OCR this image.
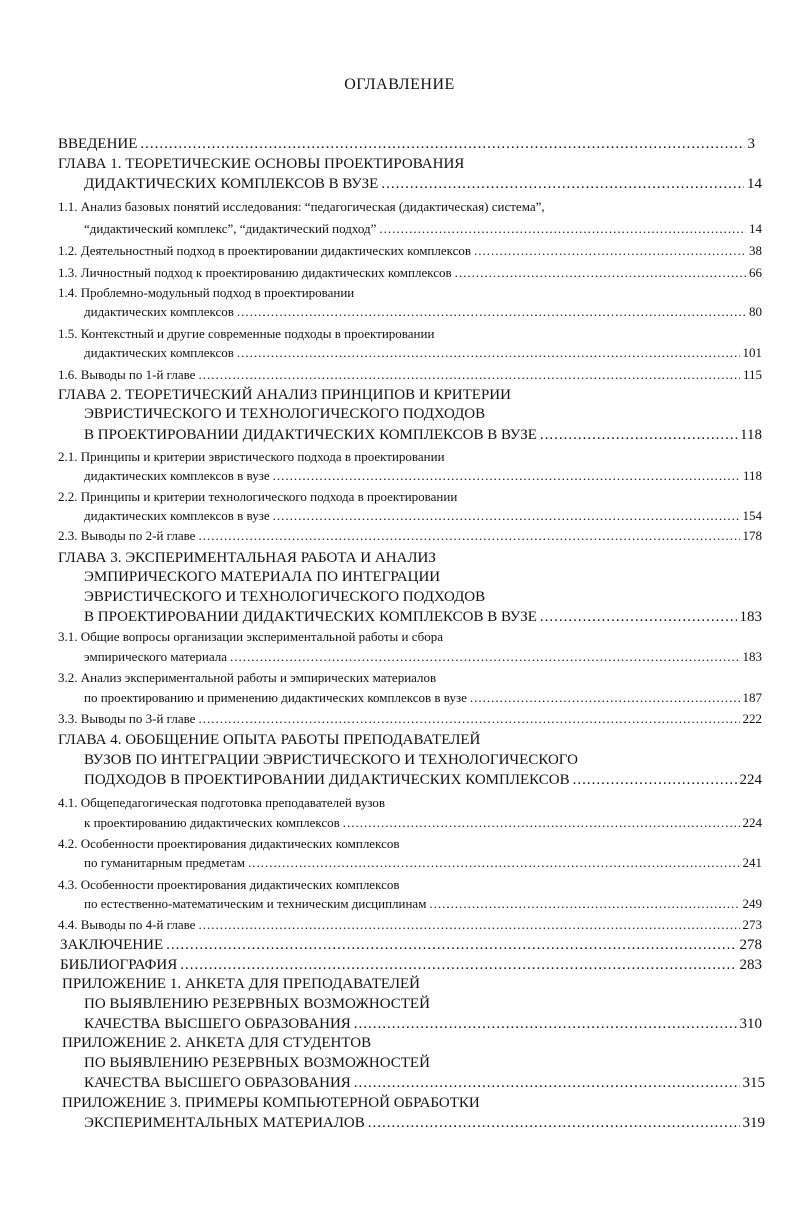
ОГЛАВЛЕНИЕ
ВВЕДЕНИЕ .....	3
ГЛАВА 1. ТЕОРЕТИЧЕСКИЕ ОСНОВЫ ПРОЕКТИРОВАНИЯ
ДИДАКТИЧЕСКИХ КОМПЛЕКСОВ В ВУЗЕ .....	14
1.1. Анализ базовых понятий исследования: “педагогическая (дидактическая) система”,
“дидактический комплекс”, “дидактический подход” .....	14
1.2. Деятельностный подход в проектировании дидактических комплексов .....	38
1.3. Личностный подход к проектированию дидактических комплексов .....	66
1.4. Проблемно-модульный подход в проектировании
дидактических комплексов .....	80
1.5. Контекстный и другие современные подходы в проектировании
дидактических комплексов .....	101
1.6. Выводы по 1-й главе .....	115
ГЛАВА 2. ТЕОРЕТИЧЕСКИЙ АНАЛИЗ ПРИНЦИПОВ И КРИТЕРИИ
ЭВРИСТИЧЕСКОГО И ТЕХНОЛОГИЧЕСКОГО ПОДХОДОВ
В ПРОЕКТИРОВАНИИ ДИДАКТИЧЕСКИХ КОМПЛЕКСОВ В ВУЗЕ .....	118
2.1. Принципы и критерии эвристического подхода в проектировании
дидактических комплексов в вузе .....	118
2.2. Принципы и критерии технологического подхода в проектировании
дидактических комплексов в вузе .....	154
2.3. Выводы по 2-й главе .....	178
ГЛАВА 3. ЭКСПЕРИМЕНТАЛЬНАЯ РАБОТА И АНАЛИЗ
ЭМПИРИЧЕСКОГО МАТЕРИАЛА ПО ИНТЕГРАЦИИ
ЭВРИСТИЧЕСКОГО И ТЕХНОЛОГИЧЕСКОГО ПОДХОДОВ
В ПРОЕКТИРОВАНИИ ДИДАКТИЧЕСКИХ КОМПЛЕКСОВ В ВУЗЕ .....	183
3.1. Общие вопросы организации экспериментальной работы и сбора
эмпирического материала .....	183
3.2. Анализ экспериментальной работы и эмпирических материалов
по проектированию и применению дидактических комплексов в вузе .....	187
3.3. Выводы по 3-й главе .....	222
ГЛАВА 4. ОБОБЩЕНИЕ ОПЫТА РАБОТЫ ПРЕПОДАВАТЕЛЕЙ
ВУЗОВ ПО ИНТЕГРАЦИИ ЭВРИСТИЧЕСКОГО И ТЕХНОЛОГИЧЕСКОГО
ПОДХОДОВ В ПРОЕКТИРОВАНИИ ДИДАКТИЧЕСКИХ КОМПЛЕКСОВ .....	224
4.1. Общепедагогическая подготовка преподавателей вузов
к проектированию дидактических комплексов .....	224
4.2. Особенности проектирования дидактических комплексов
по гуманитарным предметам .....	241
4.3. Особенности проектирования дидактических комплексов
по естественно-математическим и техническим дисциплинам .....	249
4.4. Выводы по 4-й главе .....	273
ЗАКЛЮЧЕНИЕ .....	278
БИБЛИОГРАФИЯ .....	283
ПРИЛОЖЕНИЕ 1. АНКЕТА ДЛЯ ПРЕПОДАВАТЕЛЕЙ
ПО ВЫЯВЛЕНИЮ РЕЗЕРВНЫХ ВОЗМОЖНОСТЕЙ
КАЧЕСТВА ВЫСШЕГО ОБРАЗОВАНИЯ .....	310
ПРИЛОЖЕНИЕ 2. АНКЕТА ДЛЯ СТУДЕНТОВ
ПО ВЫЯВЛЕНИЮ РЕЗЕРВНЫХ ВОЗМОЖНОСТЕЙ
КАЧЕСТВА ВЫСШЕГО ОБРАЗОВАНИЯ .....	315
ПРИЛОЖЕНИЕ 3. ПРИМЕРЫ КОМПЬЮТЕРНОЙ ОБРАБОТКИ
ЭКСПЕРИМЕНТАЛЬНЫХ МАТЕРИАЛОВ .....	319
